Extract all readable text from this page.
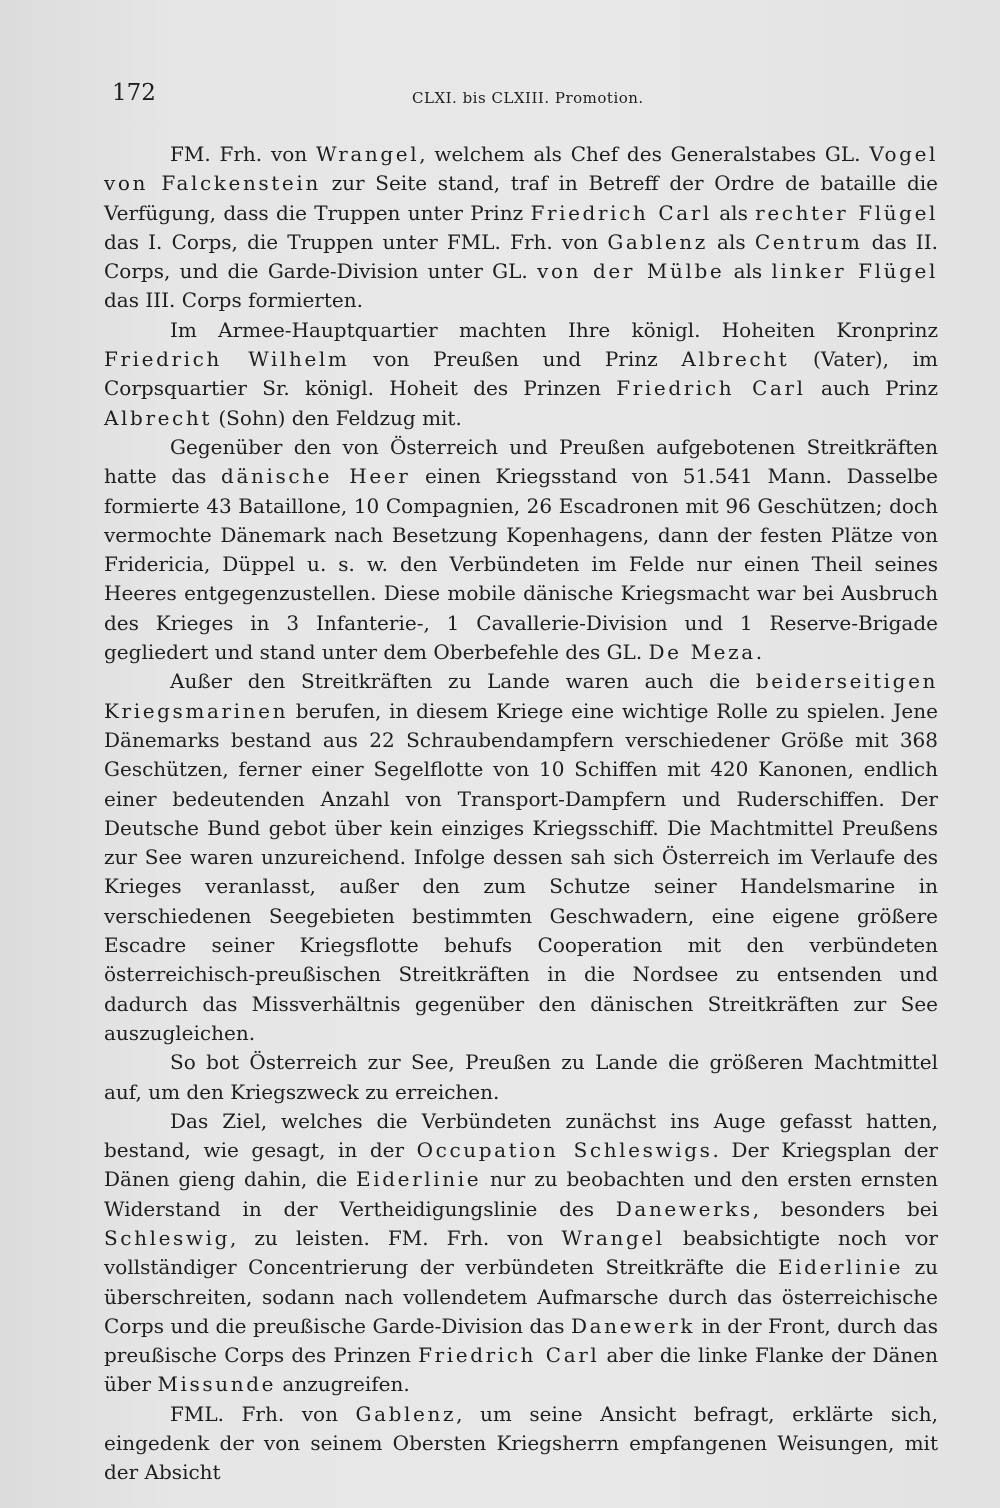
172	CLXI. bis CLXIII. Promotion.

FM. Frh. von Wrangel, welchem als Chef des Generalstabes GL. Vogel von Falckenstein zur Seite stand, traf in Betreff der Ordre de bataille die Verfügung, dass die Truppen unter Prinz Friedrich Carl als rechter Flügel das I. Corps, die Truppen unter FML. Frh. von Gablenz als Centrum das II. Corps, und die Garde-Division unter GL. von der Mülbe als linker Flügel das III. Corps formierten.

Im Armee-Hauptquartier machten Ihre königl. Hoheiten Kronprinz Friedrich Wilhelm von Preußen und Prinz Albrecht (Vater), im Corpsquartier Sr. königl. Hoheit des Prinzen Friedrich Carl auch Prinz Albrecht (Sohn) den Feldzug mit.

Gegenüber den von Österreich und Preußen aufgebotenen Streitkräften hatte das dänische Heer einen Kriegsstand von 51.541 Mann. Dasselbe formierte 43 Bataillone, 10 Compagnien, 26 Escadronen mit 96 Geschützen; doch vermochte Dänemark nach Besetzung Kopenhagens, dann der festen Plätze von Fridericia, Düppel u. s. w. den Verbündeten im Felde nur einen Theil seines Heeres entgegenzustellen. Diese mobile dänische Kriegsmacht war bei Ausbruch des Krieges in 3 Infanterie-, 1 Cavallerie-Division und 1 Reserve-Brigade gegliedert und stand unter dem Oberbefehle des GL. De Meza.

Außer den Streitkräften zu Lande waren auch die beiderseitigen Kriegsmarinen berufen, in diesem Kriege eine wichtige Rolle zu spielen. Jene Dänemarks bestand aus 22 Schraubendampfern verschiedener Größe mit 368 Geschützen, ferner einer Segelflotte von 10 Schiffen mit 420 Kanonen, endlich einer bedeutenden Anzahl von Transport-Dampfern und Ruderschiffen. Der Deutsche Bund gebot über kein einziges Kriegsschiff. Die Machtmittel Preußens zur See waren unzureichend. Infolge dessen sah sich Österreich im Verlaufe des Krieges veranlasst, außer den zum Schutze seiner Handelsmarine in verschiedenen Seegebieten bestimmten Geschwadern, eine eigene größere Escadre seiner Kriegsflotte behufs Cooperation mit den verbündeten österreichisch-preußischen Streitkräften in die Nordsee zu entsenden und dadurch das Missverhältnis gegenüber den dänischen Streitkräften zur See auszugleichen.

So bot Österreich zur See, Preußen zu Lande die größeren Machtmittel auf, um den Kriegszweck zu erreichen.

Das Ziel, welches die Verbündeten zunächst ins Auge gefasst hatten, bestand, wie gesagt, in der Occupation Schleswigs. Der Kriegsplan der Dänen gieng dahin, die Eiderlinie nur zu beobachten und den ersten ernsten Widerstand in der Vertheidigungslinie des Danewerks, besonders bei Schleswig, zu leisten. FM. Frh. von Wrangel beabsichtigte noch vor vollständiger Concentrierung der verbündeten Streitkräfte die Eiderlinie zu überschreiten, sodann nach vollendetem Aufmarsche durch das österreichische Corps und die preußische Garde-Division das Danewerk in der Front, durch das preußische Corps des Prinzen Friedrich Carl aber die linke Flanke der Dänen über Missunde anzugreifen.

FML. Frh. von Gablenz, um seine Ansicht befragt, erklärte sich, eingedenk der von seinem Obersten Kriegsherrn empfangenen Weisungen, mit der Absicht
